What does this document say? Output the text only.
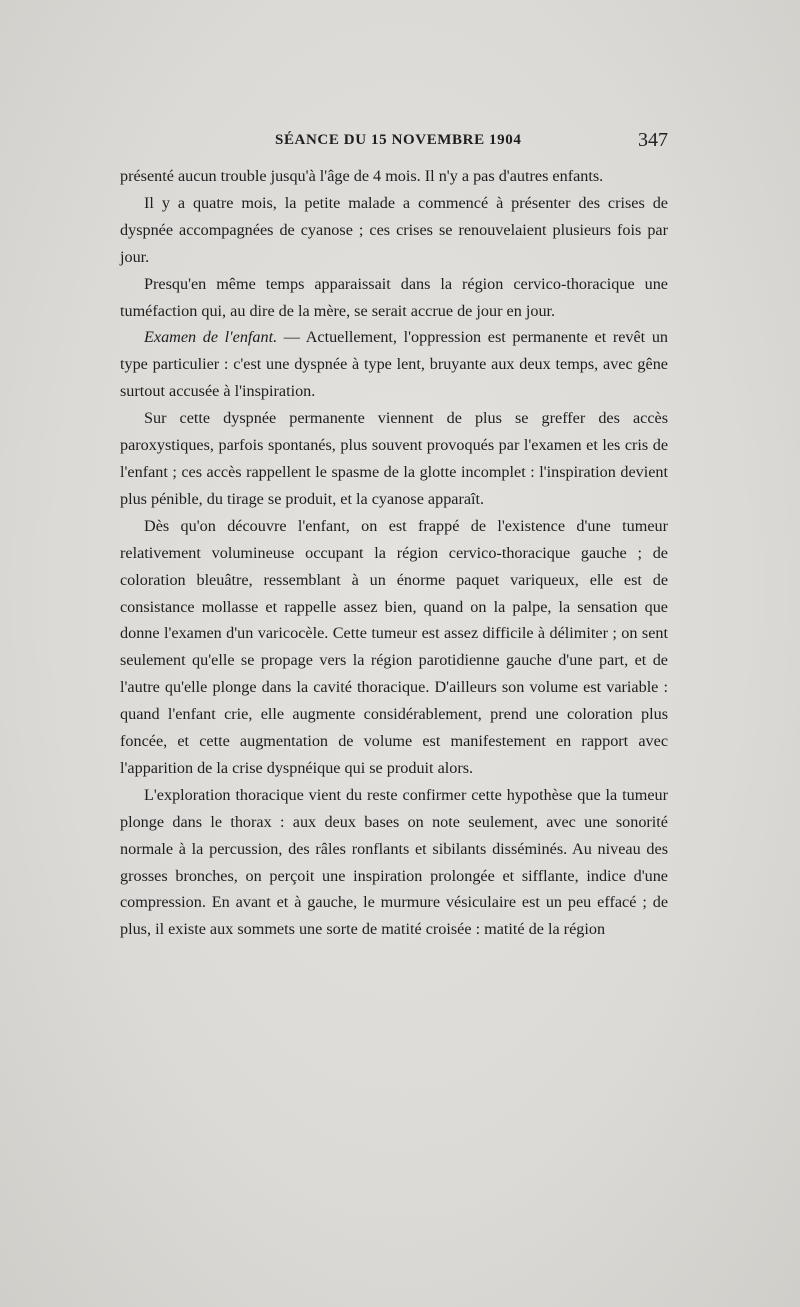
SÉANCE DU 15 NOVEMBRE 1904	347

présenté aucun trouble jusqu'à l'âge de 4 mois. Il n'y a pas d'autres enfants.

Il y a quatre mois, la petite malade a commencé à présenter des crises de dyspnée accompagnées de cyanose ; ces crises se renouvelaient plusieurs fois par jour.

Presqu'en même temps apparaissait dans la région cervico-thoracique une tuméfaction qui, au dire de la mère, se serait accrue de jour en jour.

Examen de l'enfant. — Actuellement, l'oppression est permanente et revêt un type particulier : c'est une dyspnée à type lent, bruyante aux deux temps, avec gêne surtout accusée à l'inspiration.

Sur cette dyspnée permanente viennent de plus se greffer des accès paroxystiques, parfois spontanés, plus souvent provoqués par l'examen et les cris de l'enfant ; ces accès rappellent le spasme de la glotte incomplet : l'inspiration devient plus pénible, du tirage se produit, et la cyanose apparaît.

Dès qu'on découvre l'enfant, on est frappé de l'existence d'une tumeur relativement volumineuse occupant la région cervico-thoracique gauche ; de coloration bleuâtre, ressemblant à un énorme paquet variqueux, elle est de consistance mollasse et rappelle assez bien, quand on la palpe, la sensation que donne l'examen d'un varicocèle. Cette tumeur est assez difficile à délimiter ; on sent seulement qu'elle se propage vers la région parotidienne gauche d'une part, et de l'autre qu'elle plonge dans la cavité thoracique. D'ailleurs son volume est variable : quand l'enfant crie, elle augmente considérablement, prend une coloration plus foncée, et cette augmentation de volume est manifestement en rapport avec l'apparition de la crise dyspnéique qui se produit alors.

L'exploration thoracique vient du reste confirmer cette hypothèse que la tumeur plonge dans le thorax : aux deux bases on note seulement, avec une sonorité normale à la percussion, des râles ronflants et sibilants disséminés. Au niveau des grosses bronches, on perçoit une inspiration prolongée et sifflante, indice d'une compression. En avant et à gauche, le murmure vésiculaire est un peu effacé ; de plus, il existe aux sommets une sorte de matité croisée : matité de la région
